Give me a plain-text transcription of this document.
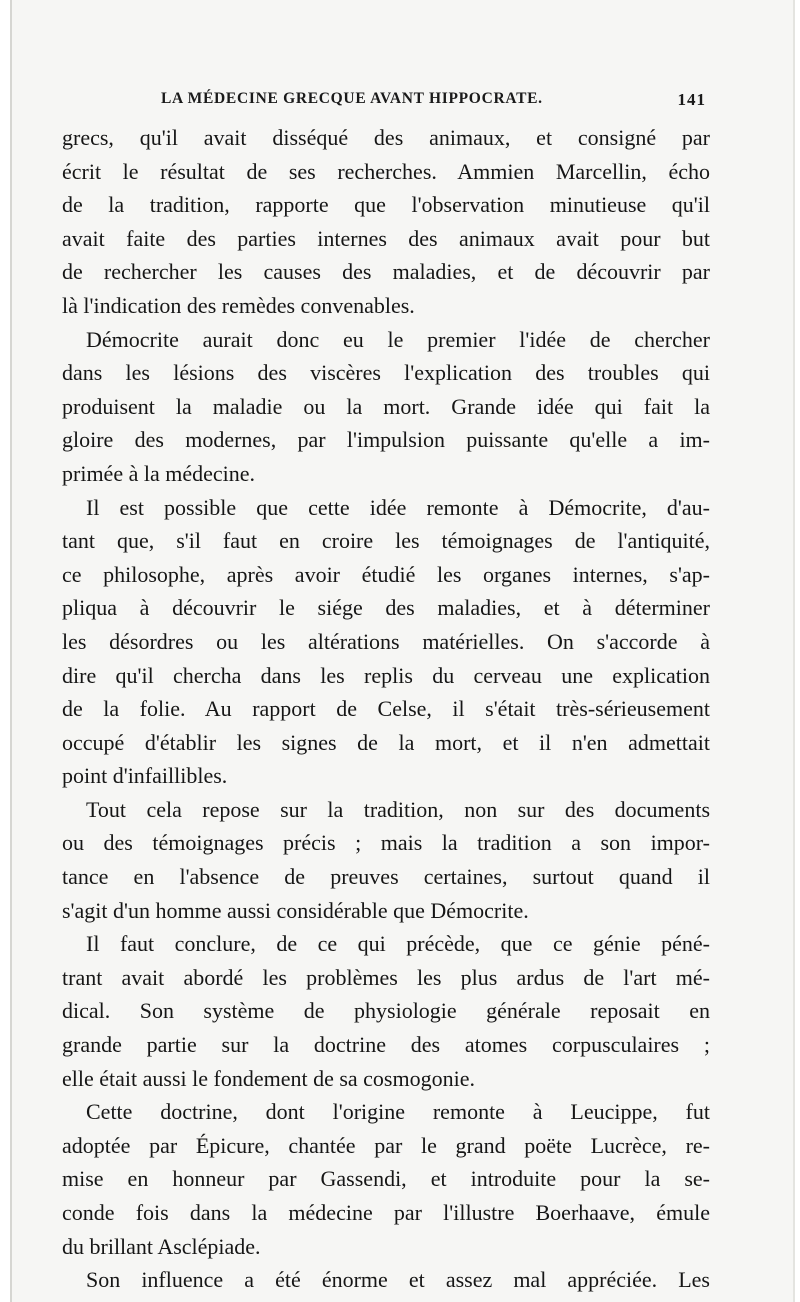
LA MÉDECINE GRECQUE AVANT HIPPOCRATE.	141
grecs, qu'il avait disséqué des animaux, et consigné par
écrit le résultat de ses recherches. Ammien Marcellin, écho
de la tradition, rapporte que l'observation minutieuse qu'il
avait faite des parties internes des animaux avait pour but
de rechercher les causes des maladies, et de découvrir par
là l'indication des remèdes convenables.
Démocrite aurait donc eu le premier l'idée de chercher
dans les lésions des viscères l'explication des troubles qui
produisent la maladie ou la mort. Grande idée qui fait la
gloire des modernes, par l'impulsion puissante qu'elle a im-
primée à la médecine.
Il est possible que cette idée remonte à Démocrite, d'au-
tant que, s'il faut en croire les témoignages de l'antiquité,
ce philosophe, après avoir étudié les organes internes, s'ap-
pliqua à découvrir le siége des maladies, et à déterminer
les désordres ou les altérations matérielles. On s'accorde à
dire qu'il chercha dans les replis du cerveau une explication
de la folie. Au rapport de Celse, il s'était très-sérieusement
occupé d'établir les signes de la mort, et il n'en admettait
point d'infaillibles.
Tout cela repose sur la tradition, non sur des documents
ou des témoignages précis ; mais la tradition a son impor-
tance en l'absence de preuves certaines, surtout quand il
s'agit d'un homme aussi considérable que Démocrite.
Il faut conclure, de ce qui précède, que ce génie péné-
trant avait abordé les problèmes les plus ardus de l'art mé-
dical. Son système de physiologie générale reposait en
grande partie sur la doctrine des atomes corpusculaires ;
elle était aussi le fondement de sa cosmogonie.
Cette doctrine, dont l'origine remonte à Leucippe, fut
adoptée par Épicure, chantée par le grand poëte Lucrèce, re-
mise en honneur par Gassendi, et introduite pour la se-
conde fois dans la médecine par l'illustre Boerhaave, émule
du brillant Asclépiade.
Son influence a été énorme et assez mal appréciée. Les
